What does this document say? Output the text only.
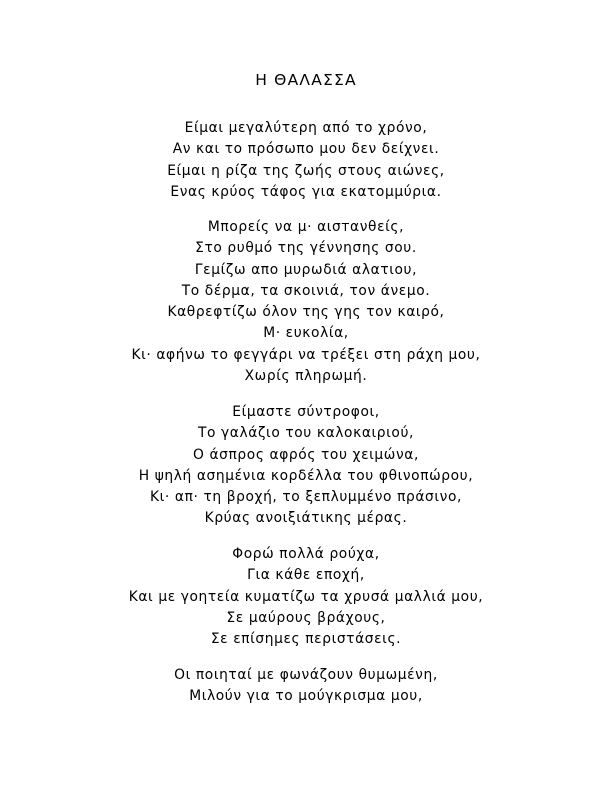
Η ΘΑΛΑΣΣΑ
Είμαι μεγαλύτερη από το χρόνο,
Αν και το πρόσωπο μου δεν δείχνει.
Είμαι η ρίζα της ζωής στους αιώνες,
Ενας κρύος τάφος για εκατομμύρια.
Μπορείς να μ· αισтανθείς,
Στο ρυθμό της γέννησης σου.
Γεμίζω απο μυρωδιά αλατιου,
Το δέρμα, τα σκοινιά, τον άνεμο.
Καθρεφτίζω όλον της γης τον καιρό,
Μ· ευκολία,
Κι· αφήνω το φεγγάρι να τρέξει στη ράχη μου,
Χωρίς πληρωμή.
Είμαστε σύντροφοι,
Το γαλάζιο του καλοκαιριού,
Ο άσπρος αφρός του χειμώνα,
Η ψηλή ασημένια κορδέλλα του φθινοπώρου,
Κι· απ· τη βροχή, το ξεπλυμμένο πράσινο,
Κρύας ανοιξιάτικης μέρας.
Φορώ πολλά ρούχα,
Για κάθε εποχή,
Και με γοητεία κυματίζω τα χρυσά μαλλιά μου,
Σε μαύρους βράχους,
Σε επίσημες περιστάσεις.
Οι ποιηταί με φωνάζουν θυμωμένη,
Μιλούν για το μούγκρισμα μου,
